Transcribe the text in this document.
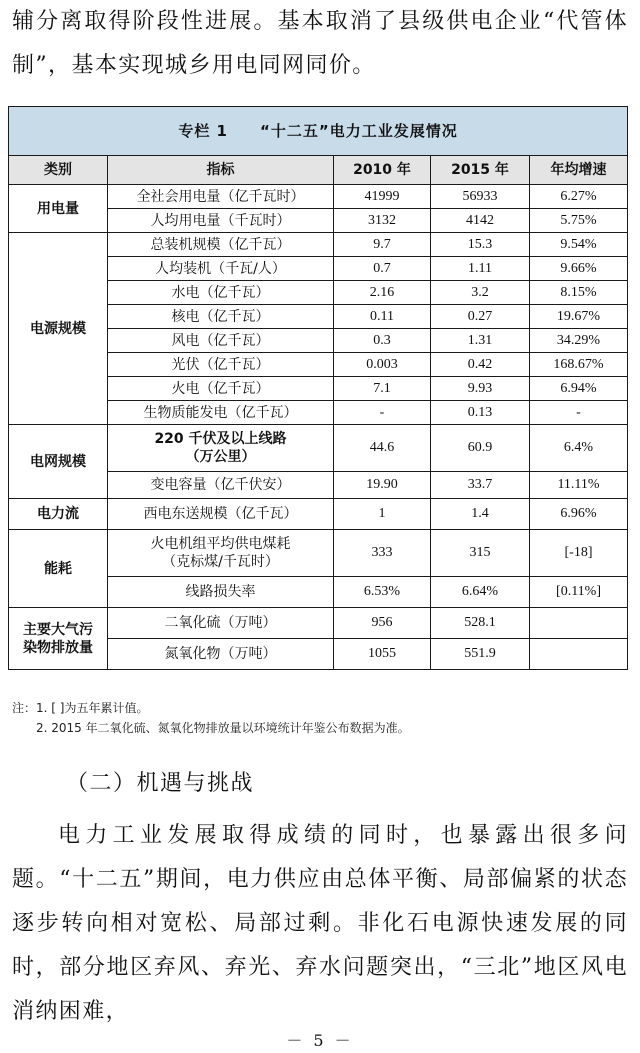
辅分离取得阶段性进展。基本取消了县级供电企业“代管体制”，基本实现城乡用电同网同价。

专栏 1　　“十二五”电力工业发展情况				
类别	指标	2010 年	2015 年	年均增速
用电量	全社会用电量（亿千瓦时）	41999	56933	6.27%
	人均用电量（千瓦时）	3132	4142	5.75%
电源规模	总装机规模（亿千瓦）	9.7	15.3	9.54%
	人均装机（千瓦/人）	0.7	1.11	9.66%
	水电（亿千瓦）	2.16	3.2	8.15%
	核电（亿千瓦）	0.11	0.27	19.67%
	风电（亿千瓦）	0.3	1.31	34.29%
	光伏（亿千瓦）	0.003	0.42	168.67%
	火电（亿千瓦）	7.1	9.93	6.94%
	生物质能发电（亿千瓦）	-	0.13	-
电网规模	220 千伏及以上线路
（万公里）	44.6	60.9	6.4%
	变电容量（亿千伏安）	19.90	33.7	11.11%
电力流	西电东送规模（亿千瓦）	1	1.4	6.96%
能耗	火电机组平均供电煤耗
（克标煤/千瓦时）	333	315	[-18]
	线路损失率	6.53%	6.64%	[0.11%]

主要大气污
染物排放量	二氧化硫（万吨）	956	528.1	
	氮氧化物（万吨）	1055	551.9	
注：1. [ ]为五年累计值。
2. 2015 年二氧化硫、氮氧化物排放量以环境统计年鉴公布数据为准。
（二）机遇与挑战

电力工业发展取得成绩的同时，也暴露出很多问题。“十二五”期间，电力供应由总体平衡、局部偏紧的状态逐步转向相对宽松、局部过剩。非化石电源快速发展的同时，部分地区弃风、弃光、弃水问题突出，“三北”地区风电消纳困难，

－ 5 －
